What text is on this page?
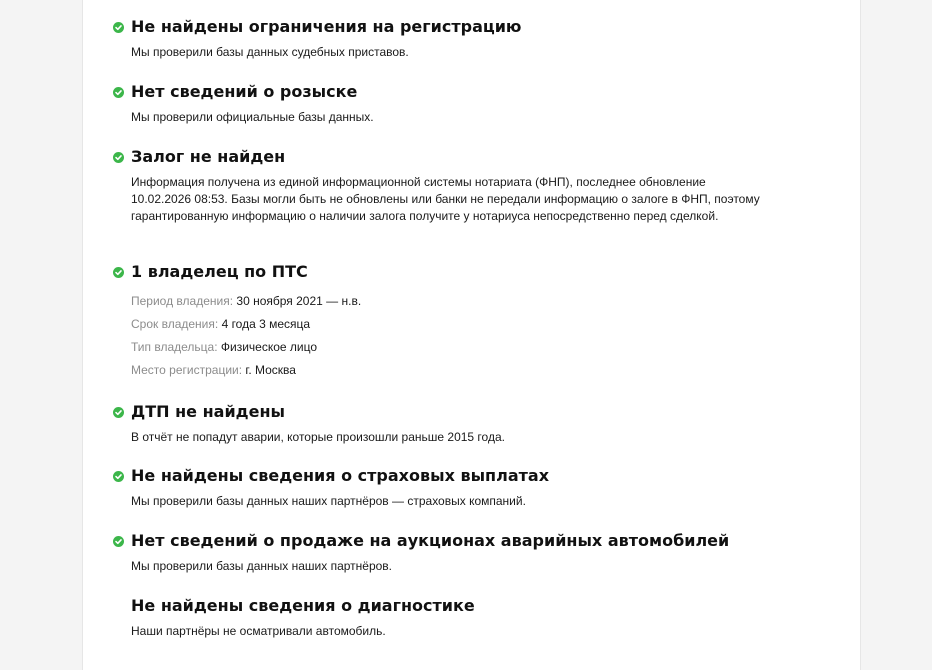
Не найдены ограничения на регистрацию
Мы проверили базы данных судебных приставов.
Нет сведений о розыске
Мы проверили официальные базы данных.
Залог не найден
Информация получена из единой информационной системы нотариата (ФНП), последнее обновление 10.02.2026 08:53. Базы могли быть не обновлены или банки не передали информацию о залоге в ФНП, поэтому гарантированную информацию о наличии залога получите у нотариуса непосредственно перед сделкой.
1 владелец по ПТС
Период владения: 30 ноября 2021 — н.в.
Срок владения: 4 года 3 месяца
Тип владельца: Физическое лицо
Место регистрации: г. Москва
ДТП не найдены
В отчёт не попадут аварии, которые произошли раньше 2015 года.
Не найдены сведения о страховых выплатах
Мы проверили базы данных наших партнёров — страховых компаний.
Нет сведений о продаже на аукционах аварийных автомобилей
Мы проверили базы данных наших партнёров.
Не найдены сведения о диагностике
Наши партнёры не осматривали автомобиль.
